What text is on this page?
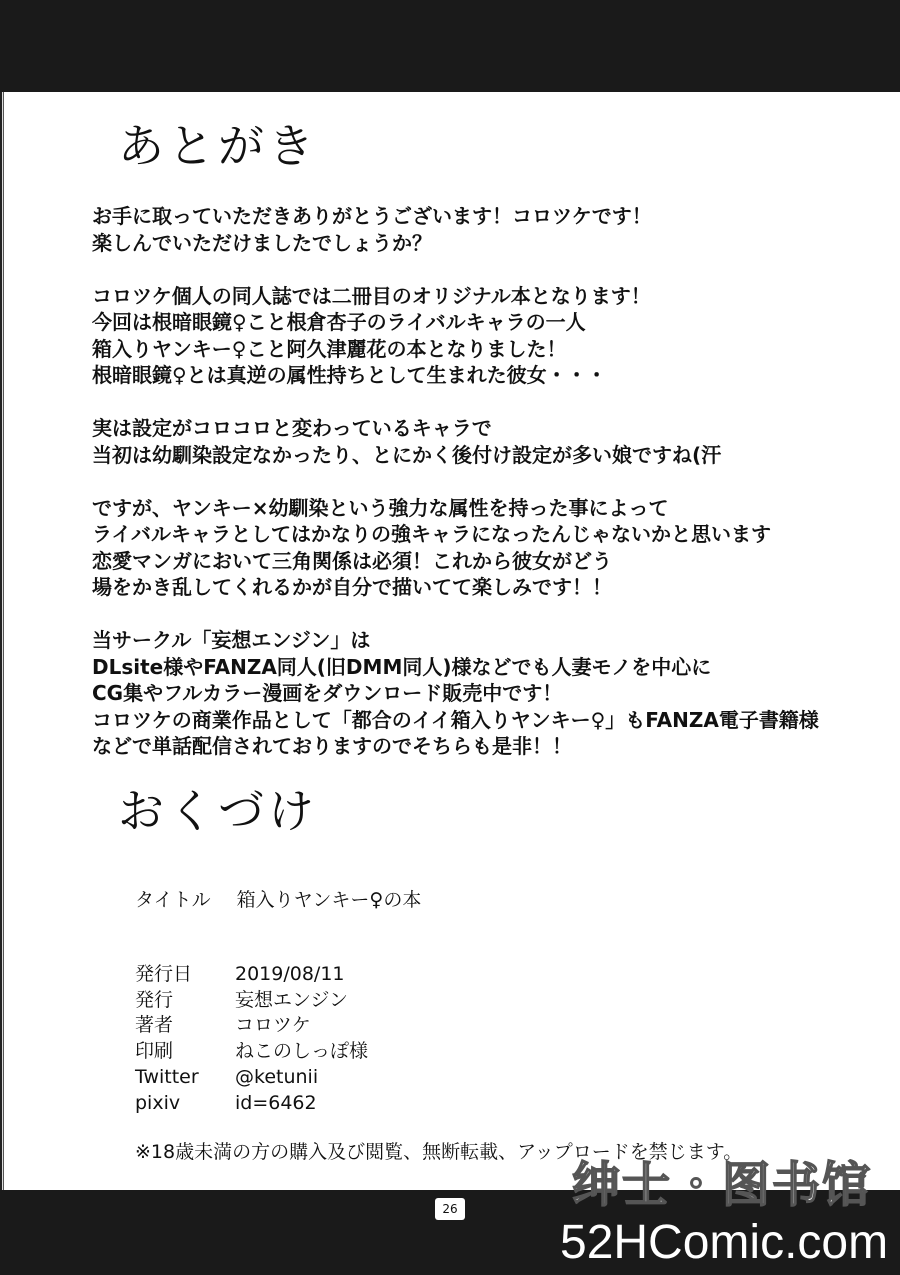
あとがき
お手に取っていただきありがとうございます！コロツケです！
楽しんでいただけましたでしょうか？
コロツケ個人の同人誌では二冊目のオリジナル本となります！
今回は根暗眼鏡♀こと根倉杏子のライバルキャラの一人
箱入りヤンキー♀こと阿久津麗花の本となりました！
根暗眼鏡♀とは真逆の属性持ちとして生まれた彼女・・・
実は設定がコロコロと変わっているキャラで
当初は幼馴染設定なかったり、とにかく後付け設定が多い娘ですね(汗
ですが、ヤンキー×幼馴染という強力な属性を持った事によって
ライバルキャラとしてはかなりの強キャラになったんじゃないかと思います
恋愛マンガにおいて三角関係は必須！これから彼女がどう
場をかき乱してくれるかが自分で描いてて楽しみです！！
当サークル「妄想エンジン」は
DLsite様やFANZA同人(旧DMM同人)様などでも人妻モノを中心に
CG集やフルカラー漫画をダウンロード販売中です！
コロツケの商業作品として「都合のイイ箱入りヤンキー♀」もFANZA電子書籍様
などで単話配信されておりますのでそちらも是非！！
おくづけ
タイトル 箱入りヤンキー♀の本
発行日 2019/08/11
発行	妄想エンジン
著者	コロツケ
印刷	ねこのしっぽ様
Twitter @ketunii
pixiv	id=6462
※18歳未満の方の購入及び閲覧、無断転載、アップロードを禁じます。
26 绅士・图书馆
52HComic.com
